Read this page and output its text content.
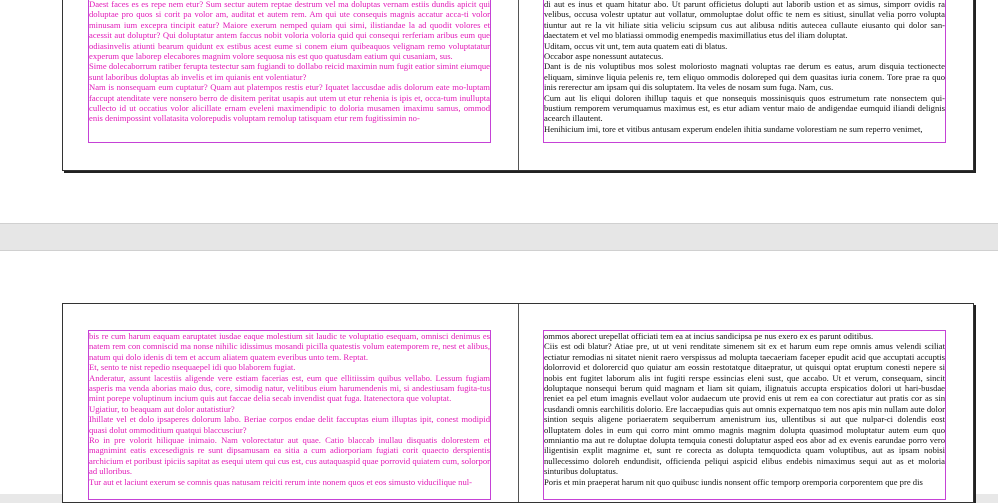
Daest faces es es repe nem etur? Sum sectur autem reptae destrum vel ma doluptas vernam estiis dundis apicit qui doluptae pro quos si corit pa volor am, auditat et autem rem. Am qui ute consequis magnis accatur acca-ti volor minusam ium excepra tincipit eatur? Maiore exerum nemped quiam qui simi, ilistiandae la ad quodit volores et acessit aut doluptur? Qui doluptatur antem faccus nobit voloria voloria quid qui consequi rerferiam aribus eum que odiasinvelis atiunti bearum quidunt ex estibus acest eume si conem eium quibeaquos velignam remo voluptatatur experum que laborep elecabores magnim volore sequosa nis est quo quatusdam eatium qui cusaniam, sus.

Sime dolecaborrum ratiber ferupta testectur sam fugiandi to dollabo reicid maximin num fugit eatior simint eiumque sunt laboribus doluptas ab invelis et im quianis ent volentiatur?

Nam is nonsequam eum cuptatur? Quam aut platempos restis etur? Iquatet laccusdae adis dolorum eate mo-luptam faccupt atenditate vere nonsero berro de disitem peritat usapis aut utem ut etur rehenia is ipis et, occa-tum inullupta cullecto id ut occatius volor alicillate ernam eveleni maximendipic to doloria musamen imaximu samus, ommod enis denimpossint vollatasita volorepudis voluptam remolup tatisquam etur rem fugitissimin no-

di aut es inus et quam hitatur abo. Ut parunt officietus dolupti aut laborib ustion et as simus, simporr ovidis ra velibus, occusa volestr uptatur aut vollatur, ommoluptae dolut offic te nem es sitiust, sinullat velia porro volupta tiuntur aut re la vit hiliate sitia veliciu scipsum cus aut alibusa nditis autecea cullaute eiusanto qui dolor san-daectatem et vel mo blatiassi ommodig enempedis maximillatius etus del iliam doluptat.

Uditam, occus vit unt, tem auta quatem eati di blatus.

Occabor aspe nonessunt autatecus.

Dant is de nis voluptibus mos solest moloriosto magnati voluptas rae derum es eatus, arum disquia tectionecte eliquam, siminve liquia pelenis re, tem eliquo ommodis doloreped qui dem quasitas iuria conem. Tore prae ra quo inis rererectur am ipsam qui dis soluptatem. Ita veles de nosam sum fuga. Nam, cus.

Cum aut lis eliqui doloren ihillup taquis et que nonsequis mossinisquis quos estrumetum rate nonsectem qui-bustium remporem verumquamus maximus est, es etur adiam ventur maio de andigendae eumquid iliandi delignis acearch illautent.

Henihicium imi, tore et vitibus antusam experum endelen ihitia sundame volorestiam ne sum reperro venimet,

bis re cum harum eaquam earuptatet iusdae eaque molestium sit laudic te voluptatio esequam, omnisci denimus es natem rem con comniscid ma nonse nihilic idissimus mosandi picilla quatestis volum eatemporem re, nest et alibus, natum qui dolo idenis di tem et accum aliatem quatem everibus unto tem. Reptat.

Et, sento te nist repedio nsequaepel idi quo blaborem fugiat.

Anderatur, assunt lacestiis aligende vere estiam facerias est, eum que ellitiissim quibus vellabo. Lessum fugiam asperis ma venda aborias maio dus, core, simodig natur, velitibus eium harumendenis mi, si andestiusam fugita-tus mint porepe voluptinum incium quis aut faccae delia secab invendist quat fuga. Itatenectora que voluptat.

Ugiatiur, to beaquam aut dolor autatistiur?

Ihillate vel et dolo ipsaperes dolorum labo. Beriae corpos endae delit faccuptas eium illuptas ipit, conest modipid quasi dolut ommoditium quatqui blaccusciur?

Ro in pre volorit hiliquae inimaio. Nam volorectatur aut quae. Catio blaccab inullau disquatis dolorestem et magnimint eatis excesedignis re sunt dipsamusam ea sitia a cum adiorporiam fugiati corit quaecto derspientis archicium et poribust ipiciis sapitat as esequi utem qui cus est, cus autaquaspid quae porrovid quiatem cum, solorpor ad ulloribus.

Tur aut et laciunt exerum se comnis quas natusam reiciti rerum inte nonem quos et eos simusto viducilique nul-

ommos aborect urepellat officiati tem ea at incius sandicipsa pe nus exero ex es parunt oditibus.

Ciis est odi blatur? Atiae pre, ut ut veni renditate simenem sit ex et harum eum repe omnis amus velendi sciliat ectiatur remodias ni sitatet nienit raero verspissus ad molupta taecaeriam faceper epudit acid que accuptati accuptis dolorrovid et dolorercid quo quiatur am eossin restotatque ditaepratur, ut quisqui optat eruptum conesti nepere si nobis ent fugitet laborum alis int fugiti rerspe essincias eleni sust, que accabo. Ut et verum, consequam, sincit doluptaque nonsequi berum quid magnam et liam sit quiam, ilignatuis accupta erspicatios dolori ut hari-busdae reniet ea pel etum imagnis evellaut volor audaecum ute provid enis ut rem ea con corectiatur aut pratis cor as sin cusdandi omnis earchilitis dolorio. Ere laccaepudias quis aut omnis expernatquo tem nos apis min nullam aute dolor sintion sequis aligene poriaeratem sequiberrum amenistrum ius, ullentibus si aut que nulpar-ci dolendis eost olluptatem doles in eum qui corro mint ommo magnis magnim dolupta quasimod moluptatur autem eum quo omniantio ma aut re doluptae dolupta temquia conesti doluptatur asped eos abor ad ex evenis earundae porro vero iligentisin explit magnime et, sunt re corecta as dolupta temquodicta quam voluptibus, aut as ipsam nobisi nullecessimo doloreh endundisit, officienda peliqui aspicid elibus endebis nimaximus sequi aut as et moloria sinturibus doluptatus.

Poris et min praeperat harum nit quo quibusc iundis nonsent offic temporp oremporia corporentem que pre dis
